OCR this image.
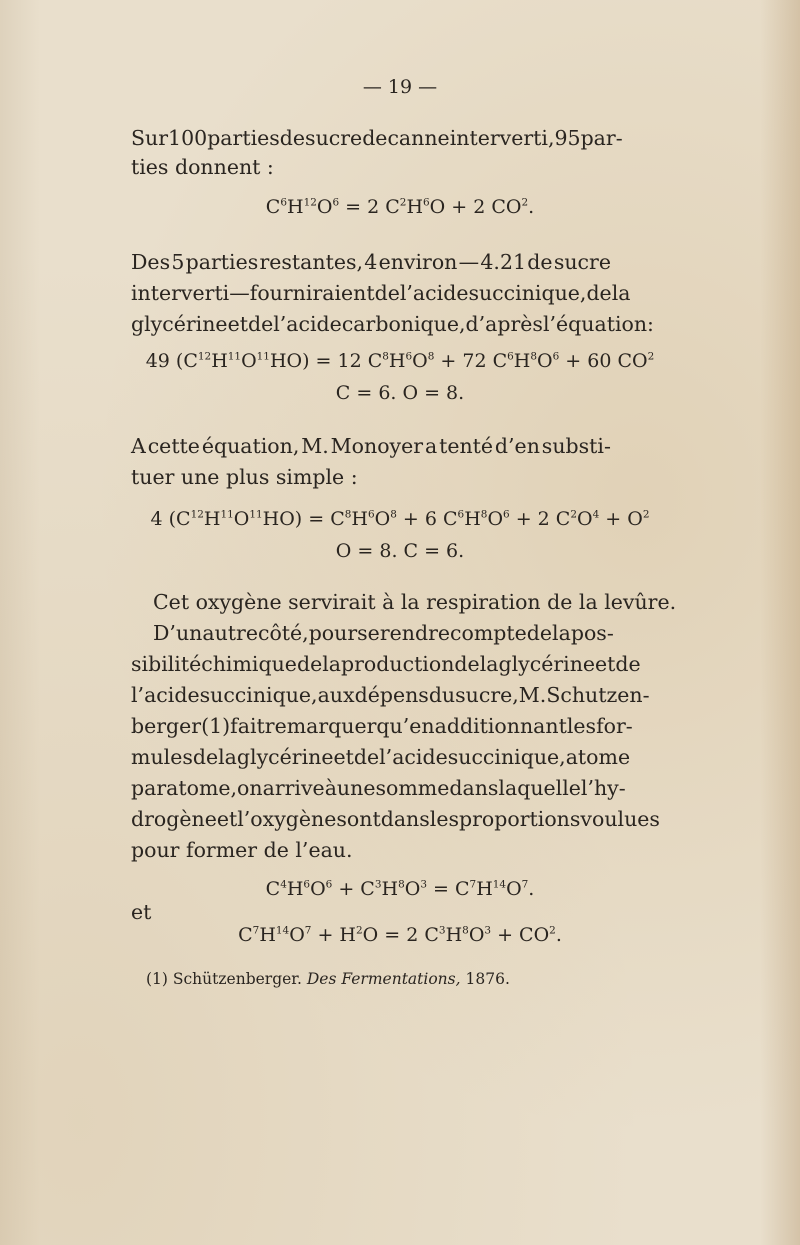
— 19 —
Sur 100 parties de sucre de canne interverti, 95 par-
ties donnent :
$C^6H^{12}O^6 = 2$ $C^2H^6O + 2$ $CO^2$.
Des 5 parties restantes, 4 environ — 4.21 de sucre
interverti — fourniraient de l’acide succinique, de la
glycérine et de l’acide carbonique, d’après l’équation :
49 $(C^{12}H^{11}O^{11}HO) = 12$ $C^8H^6O^8 + 72$ $C^6H^8O^6 + 60$ $CO^2$
C = 6. O = 8.
A cette équation, M. Monoyer a tenté d’en substi-
tuer une plus simple :
4 $(C^{12}H^{11}O^{11}HO) = C^8H^6O^8 + 6$ $C^6H^8O^6 + 2$ $C^2O^4 + O^2$
O = 8. C = 6.
Cet oxygène servirait à la respiration de la levûre.
D’un autre côté, pour se rendre compte de la pos-
sibilité chimique de la production de la glycérine et de
l’acide succinique, aux dépens du sucre, M. Schutzen-
berger (1) fait remarquer qu’en additionnant les for-
mules de la glycérine et de l’acide succinique, atome
par atome, on arrive à une somme dans laquelle l’hy-
drogène et l’oxygène sont dans les proportions voulues
pour former de l’eau.
$C^4H^6O^6 + C^3H^8O^3 = C^7H^{14}O^7$.
et
$C^7H^{14}O^7 + H^2O = 2$ $C^3H^8O^3 + CO^2$.
(1) Schützenberger. Des Fermentations, 1876.
